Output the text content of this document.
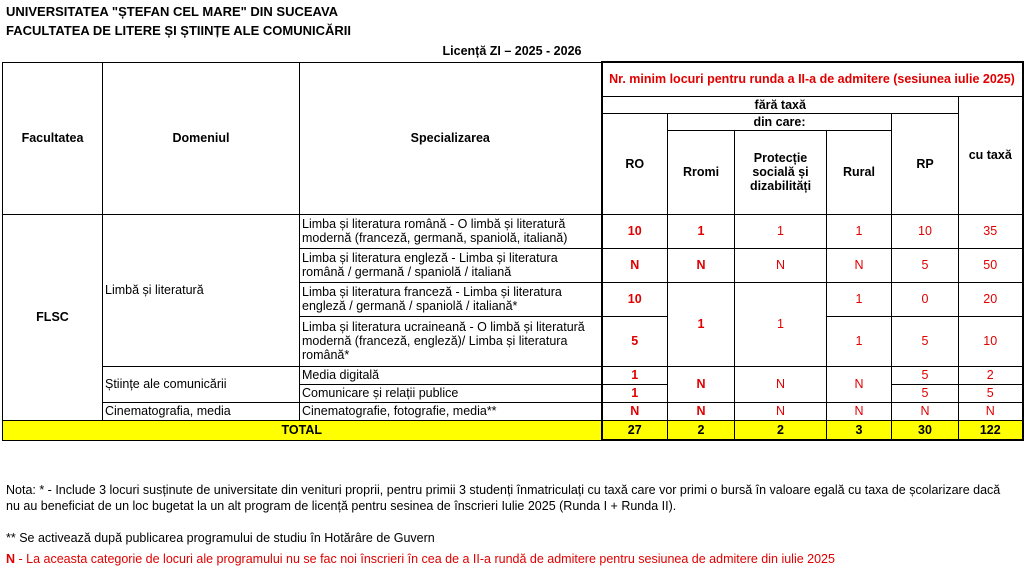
UNIVERSITATEA "ȘTEFAN CEL MARE" DIN SUCEAVA
FACULTATEA DE LITERE ȘI ȘTIINȚE ALE COMUNICĂRII
Licență ZI – 2025 - 2026
Facultatea	Domeniul	Specializarea	Nr. minim locuri pentru runda a II-a de admitere (sesiunea iulie 2025)					
			fără taxă					cu taxă
			RO	din care:			RP	
				Rromi	Protecție socială și dizabilități	Rural		
FLSC	Limbă și literatură	Limba și literatura română - O limbă și literatură modernă (franceză, germană, spaniolă, italiană)	10	1	1	1	10	35
		Limba și literatura engleză - Limba și literatura română / germană / spaniolă / italiană	N	N	N	N	5	50
		Limba și literatura franceză - Limba și literatura engleză / germană / spaniolă / italiană*	10	1	1	1	0	20
		Limba și literatura ucraineană - O limbă și literatură modernă (franceză, engleză)/ Limba și literatura română*	5			1	5	10
	Științe ale comunicării	Media digitală	1	N	N	N	5	2
		Comunicare și relații publice	1				5	5
	Cinematografia, media	Cinematografie, fotografie, media**	N	N	N	N	N	N
TOTAL			27	2	2	3	30	122
Nota: * - Include 3 locuri susținute de universitate din venituri proprii, pentru primii 3 studenți înmatriculați cu taxă care vor primi o bursă în valoare egală cu taxa de școlarizare dacă nu au beneficiat de un loc bugetat la un alt program de licență pentru sesinea de înscrieri Iulie 2025 (Runda I + Runda II).
** Se activează după publicarea programului de studiu în Hotărâre de Guvern
N - La aceasta categorie de locuri ale programului nu se fac noi înscrieri în cea de a II-a rundă de admitere pentru sesiunea de admitere din iulie 2025
